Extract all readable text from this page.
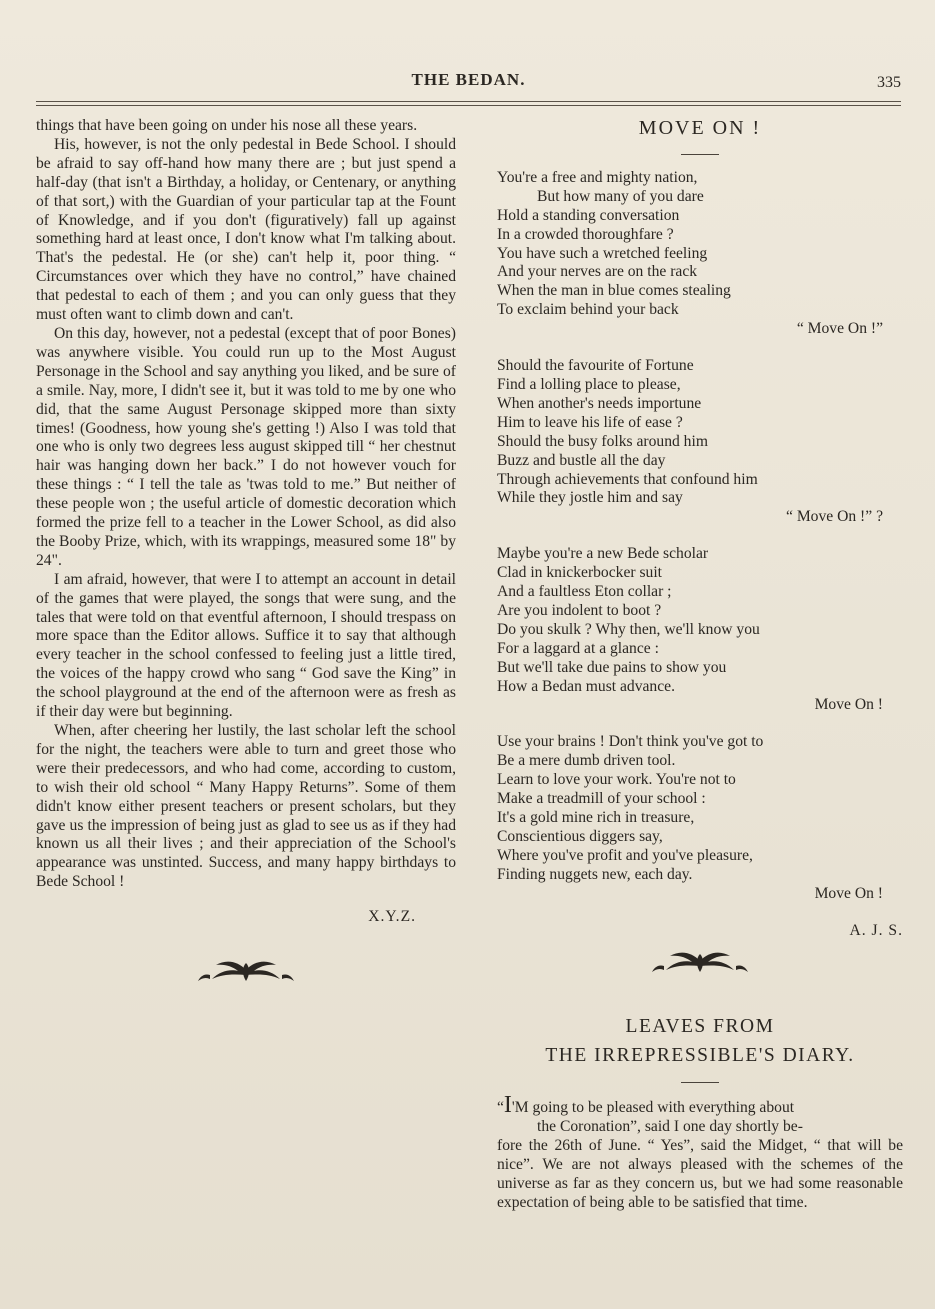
THE BEDAN.	335

things that have been going on under his nose all these years.

His, however, is not the only pedestal in Bede School. I should be afraid to say off-hand how many there are ; but just spend a half-day (that isn't a Birthday, a holiday, or Centenary, or anything of that sort,) with the Guardian of your particular tap at the Fount of Knowledge, and if you don't (figuratively) fall up against something hard at least once, I don't know what I'm talking about. That's the pedestal. He (or she) can't help it, poor thing. “ Circumstances over which they have no control,” have chained that pedestal to each of them ; and you can only guess that they must often want to climb down and can't.

On this day, however, not a pedestal (except that of poor Bones) was anywhere visible. You could run up to the Most August Personage in the School and say anything you liked, and be sure of a smile. Nay, more, I didn't see it, but it was told to me by one who did, that the same August Personage skipped more than sixty times! (Goodness, how young she's getting !) Also I was told that one who is only two degrees less august skipped till “ her chestnut hair was hanging down her back.” I do not however vouch for these things : “ I tell the tale as 'twas told to me.” But neither of these people won ; the useful article of domestic decoration which formed the prize fell to a teacher in the Lower School, as did also the Booby Prize, which, with its wrappings, measured some 18" by 24".

I am afraid, however, that were I to attempt an account in detail of the games that were played, the songs that were sung, and the tales that were told on that eventful afternoon, I should trespass on more space than the Editor allows. Suffice it to say that although every teacher in the school confessed to feeling just a little tired, the voices of the happy crowd who sang “ God save the King” in the school playground at the end of the afternoon were as fresh as if their day were but beginning.

When, after cheering her lustily, the last scholar left the school for the night, the teachers were able to turn and greet those who were their predecessors, and who had come, according to custom, to wish their old school “ Many Happy Returns”. Some of them didn't know either present teachers or present scholars, but they gave us the impression of being just as glad to see us as if they had known us all their lives ; and their appreciation of the School's appearance was unstinted. Success, and many happy birthdays to Bede School !

X.Y.Z.
MOVE ON !
You're a free and mighty nation,
But how many of you dare
Hold a standing conversation
In a crowded thoroughfare ?
You have such a wretched feeling
And your nerves are on the rack
When the man in blue comes stealing
To exclaim behind your back
“ Move On !”
Should the favourite of Fortune
Find a lolling place to please,
When another's needs importune
Him to leave his life of ease ?
Should the busy folks around him
Buzz and bustle all the day
Through achievements that confound him
While they jostle him and say
“ Move On !” ?
Maybe you're a new Bede scholar
Clad in knickerbocker suit
And a faultless Eton collar ;
Are you indolent to boot ?
Do you skulk ? Why then, we'll know you
For a laggard at a glance :
But we'll take due pains to show you
How a Bedan must advance.
Move On !
Use your brains ! Don't think you've got to
Be a mere dumb driven tool.
Learn to love your work. You're not to
Make a treadmill of your school :
It's a gold mine rich in treasure,
Conscientious diggers say,
Where you've profit and you've pleasure,
Finding nuggets new, each day.
Move On !
A. J. S.
LEAVES FROM
THE IRREPRESSIBLE'S DIARY.

“I'M going to be pleased with everything about

the Coronation”, said I one day shortly be-

fore the 26th of June. “ Yes”, said the Midget, “ that will be nice”. We are not always pleased with the schemes of the universe as far as they concern us, but we had some reasonable expectation of being able to be satisfied that time.
